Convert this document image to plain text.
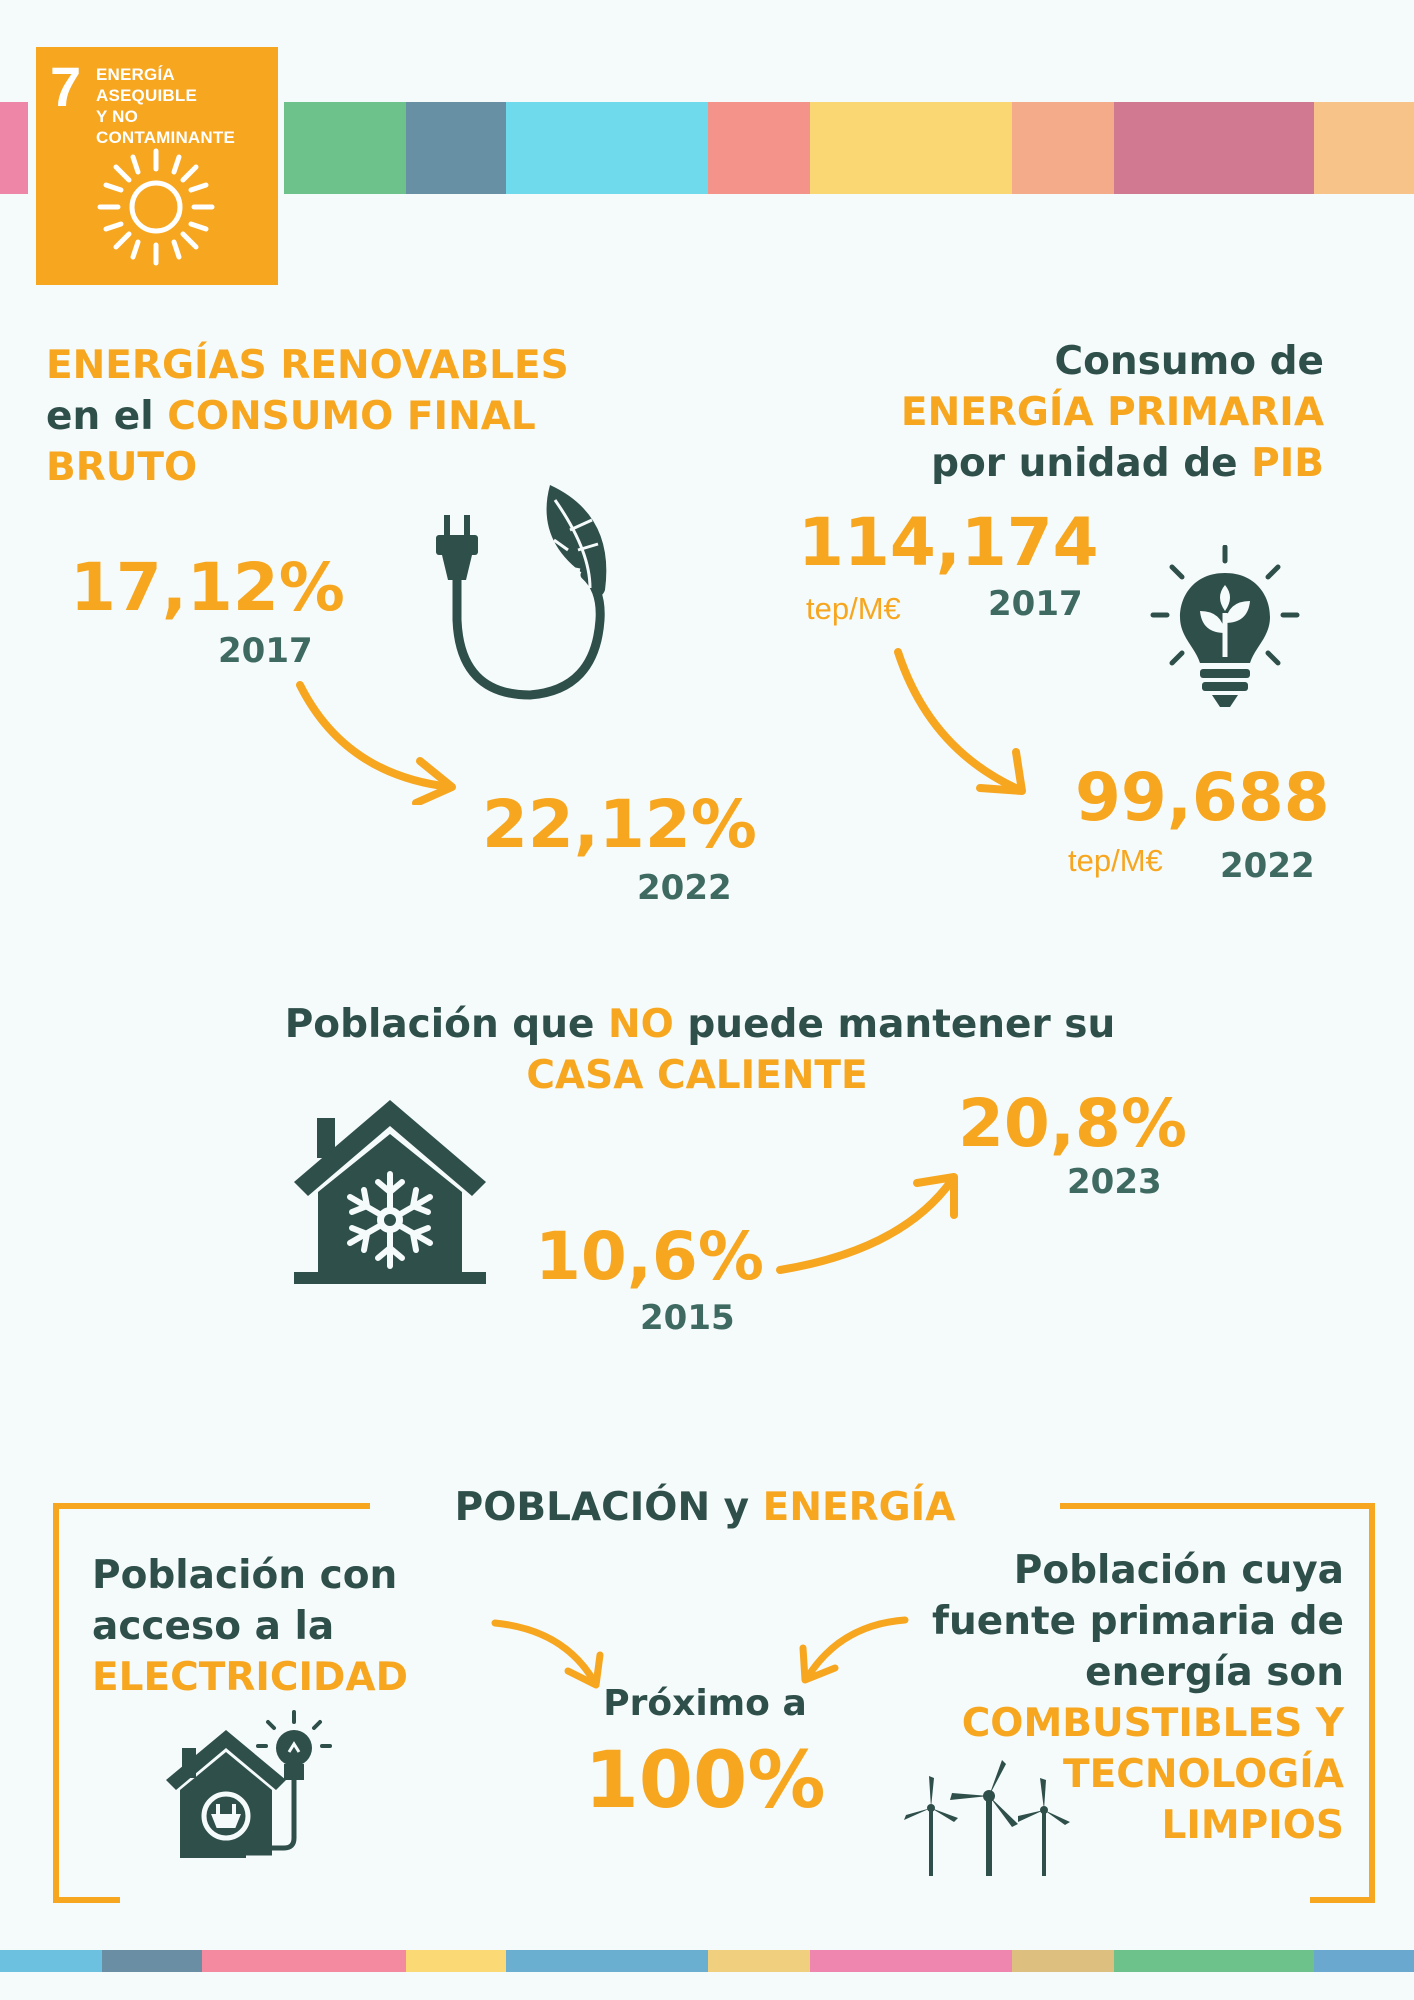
7 ENERGÍA ASEQUIBLE
Y NO CONTAMINANTE
ENERGÍAS RENOVABLES
en el CONSUMO FINAL
BRUTO
17,12%
2017
22,12%
2022
Consumo de
ENERGÍA PRIMARIA
por unidad de PIB
114,174
tep/M€	2017
99,688
tep/M€ 2022
Población que NO puede mantener su
CASA CALIENTE
10,6%
2015
20,8%
2023
POBLACIÓN y ENERGÍA
Población con
acceso a la
ELECTRICIDAD
Próximo a
100%
Población cuya
fuente primaria de
energía son
COMBUSTIBLES Y
TECNOLOGÍA
LIMPIOS
